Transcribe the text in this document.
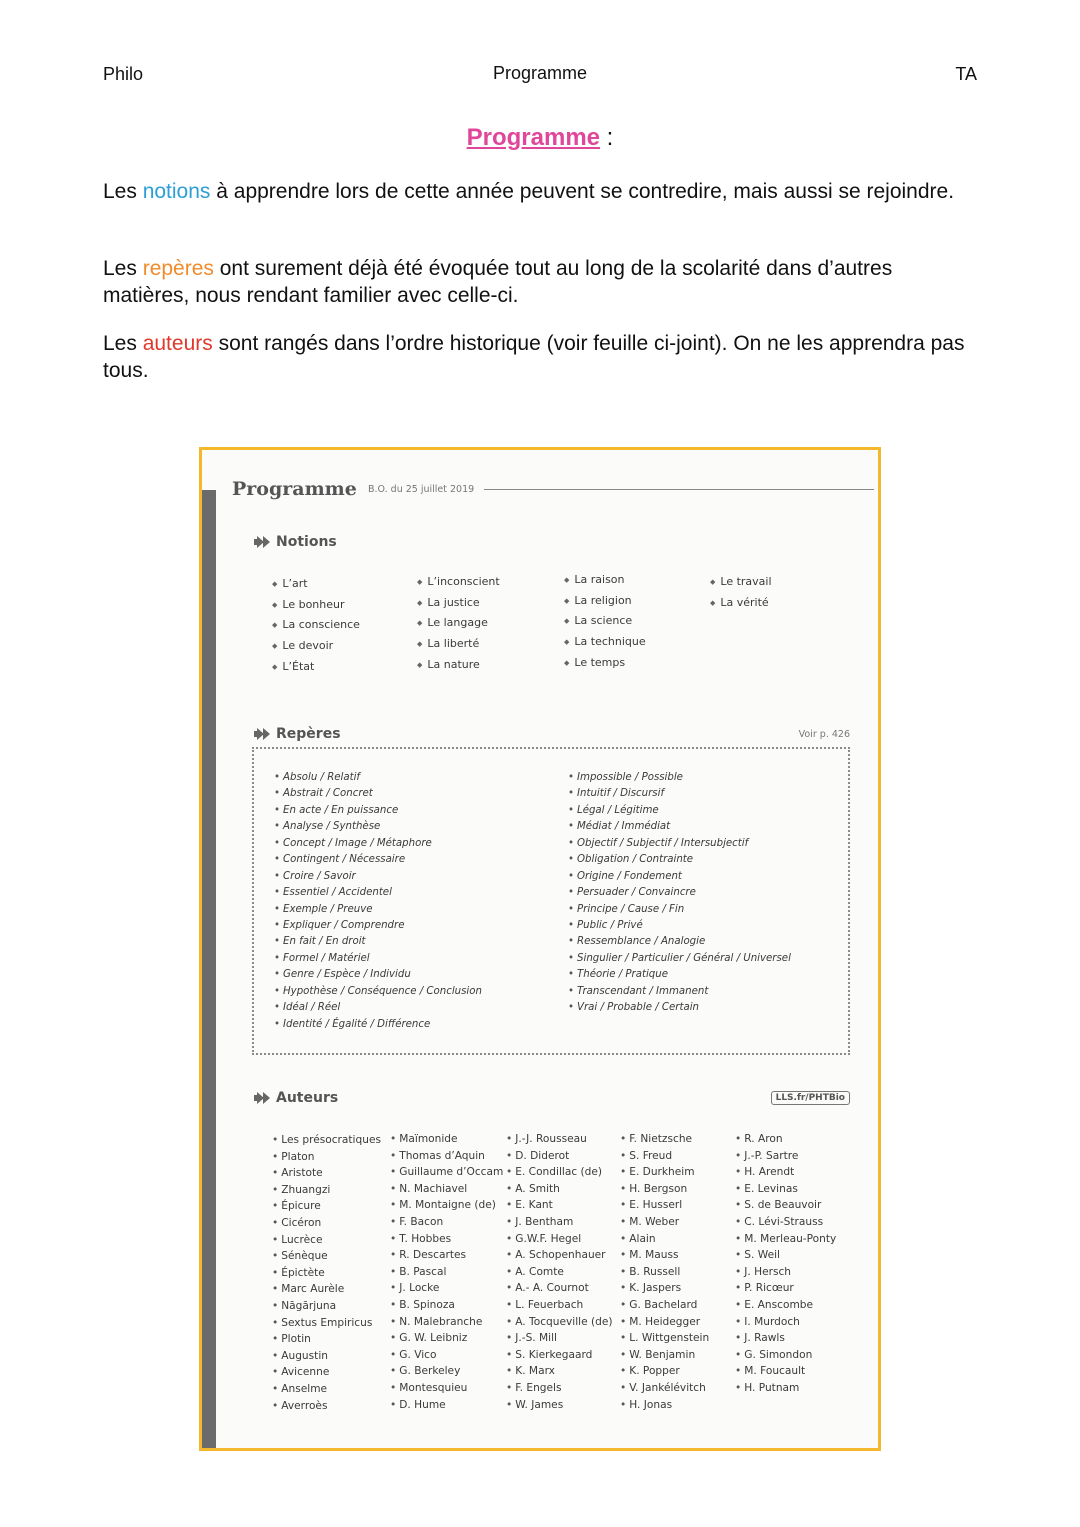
Philo	Programme	TA
Programme :
Les notions à apprendre lors de cette année peuvent se contredire, mais aussi se rejoindre.
Les repères ont surement déjà été évoquée tout au long de la scolarité dans d’autres matières, nous rendant familier avec celle-ci.
Les auteurs sont rangés dans l’ordre historique (voir feuille ci-joint). On ne les apprendra pas tous.
Programme B.O. du 25 juillet 2019
Notions
◆ L’art
◆ Le bonheur
◆ La conscience
◆ Le devoir
◆ L’État
◆ L’inconscient
◆ La justice
◆ Le langage
◆ La liberté
◆ La nature
◆ La raison
◆ La religion
◆ La science
◆ La technique
◆ Le temps
◆ Le travail
◆ La vérité
Repères	Voir p. 426
• Absolu / Relatif
• Abstrait / Concret
• En acte / En puissance
• Analyse / Synthèse
• Concept / Image / Métaphore
• Contingent / Nécessaire
• Croire / Savoir
• Essentiel / Accidentel
• Exemple / Preuve
• Expliquer / Comprendre
• En fait / En droit
• Formel / Matériel
• Genre / Espèce / Individu
• Hypothèse / Conséquence / Conclusion
• Idéal / Réel
• Identité / Égalité / Différence
• Impossible / Possible
• Intuitif / Discursif
• Légal / Légitime
• Médiat / Immédiat
• Objectif / Subjectif / Intersubjectif
• Obligation / Contrainte
• Origine / Fondement
• Persuader / Convaincre
• Principe / Cause / Fin
• Public / Privé
• Ressemblance / Analogie
• Singulier / Particulier / Général / Universel
• Théorie / Pratique
• Transcendant / Immanent
• Vrai / Probable / Certain
Auteurs	LLS.fr/PHTBio
• Les présocratiques
• Platon
• Aristote
• Zhuangzi
• Épicure
• Cicéron
• Lucrèce
• Sénèque
• Épictète
• Marc Aurèle
• Nāgārjuna
• Sextus Empiricus
• Plotin
• Augustin
• Avicenne
• Anselme
• Averroès
• Maïmonide
• Thomas d’Aquin
• Guillaume d’Occam
• N. Machiavel
• M. Montaigne (de)
• F. Bacon
• T. Hobbes
• R. Descartes
• B. Pascal
• J. Locke
• B. Spinoza
• N. Malebranche
• G. W. Leibniz
• G. Vico
• G. Berkeley
• Montesquieu
• D. Hume
• J.-J. Rousseau
• D. Diderot
• E. Condillac (de)
• A. Smith
• E. Kant
• J. Bentham
• G.W.F. Hegel
• A. Schopenhauer
• A. Comte
• A.- A. Cournot
• L. Feuerbach
• A. Tocqueville (de)
• J.-S. Mill
• S. Kierkegaard
• K. Marx
• F. Engels
• W. James
• F. Nietzsche
• S. Freud
• E. Durkheim
• H. Bergson
• E. Husserl
• M. Weber
• Alain
• M. Mauss
• B. Russell
• K. Jaspers
• G. Bachelard
• M. Heidegger
• L. Wittgenstein
• W. Benjamin
• K. Popper
• V. Jankélévitch
• H. Jonas
• R. Aron
• J.-P. Sartre
• H. Arendt
• E. Levinas
• S. de Beauvoir
• C. Lévi-Strauss
• M. Merleau-Ponty
• S. Weil
• J. Hersch
• P. Ricœur
• E. Anscombe
• I. Murdoch
• J. Rawls
• G. Simondon
• M. Foucault
• H. Putnam
